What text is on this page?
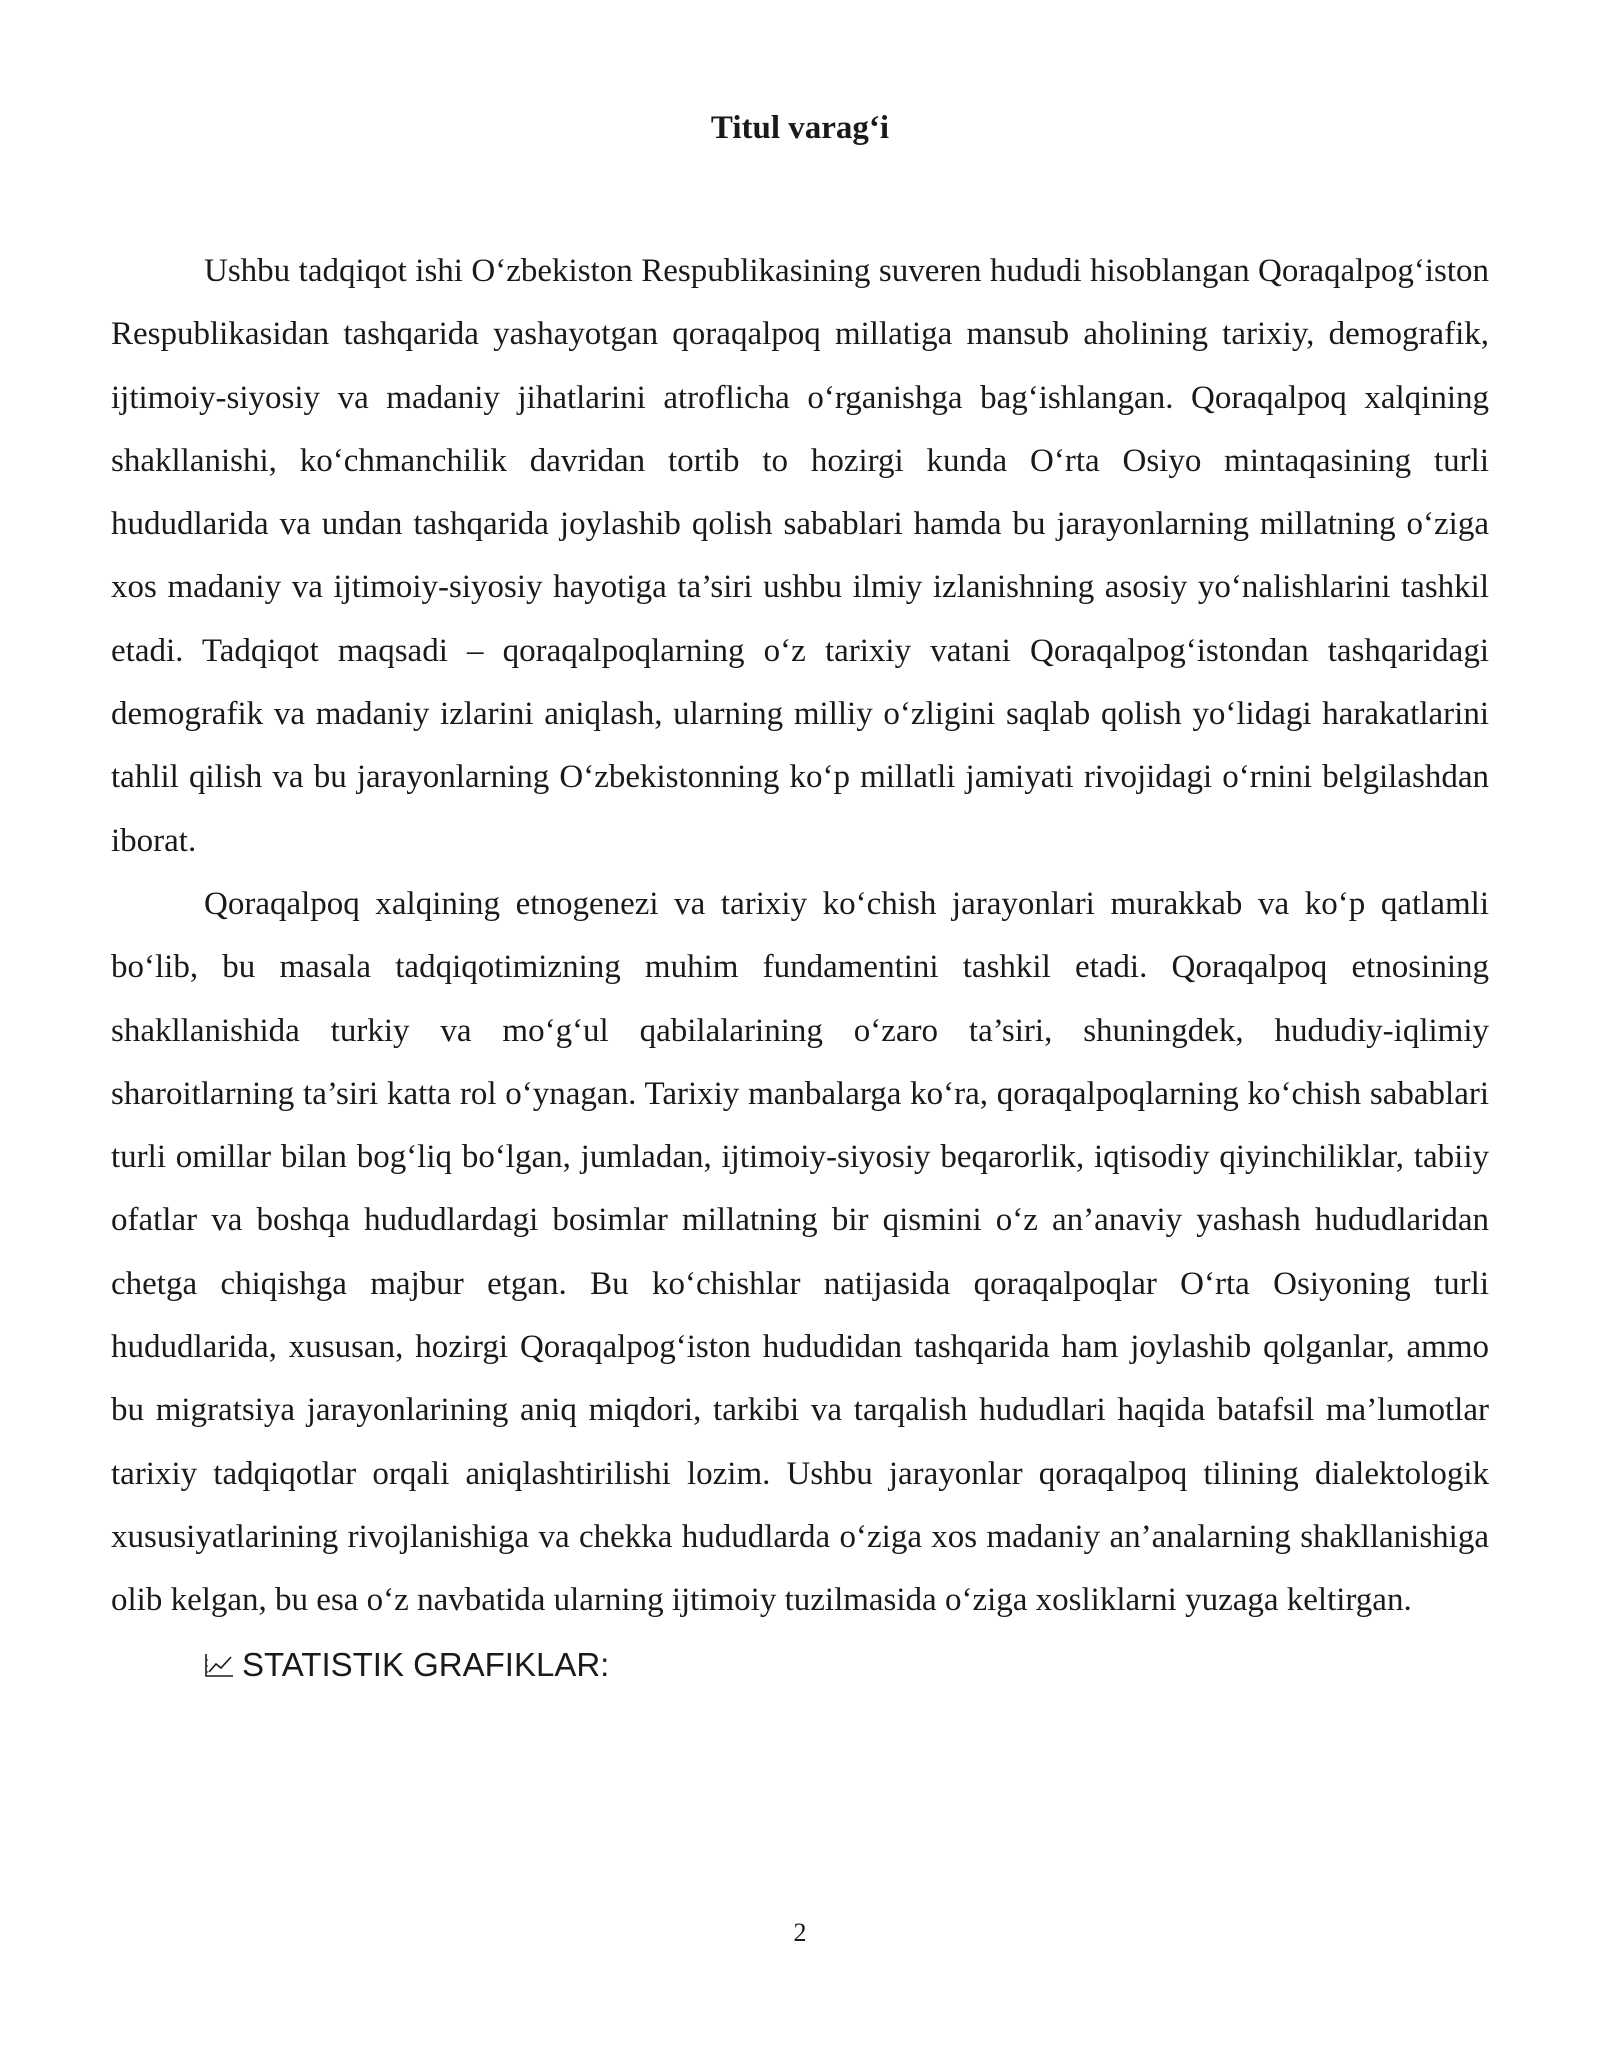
Titul varag‘i

Ushbu tadqiqot ishi O‘zbekiston Respublikasining suveren hududi hisoblangan Qoraqalpog‘iston Respublikasidan tashqarida yashayotgan qoraqalpoq millatiga mansub aholining tarixiy, demografik, ijtimoiy-siyosiy va madaniy jihatlarini atroflicha o‘rganishga bag‘ishlangan. Qoraqalpoq xalqining shakllanishi, ko‘chmanchilik davridan tortib to hozirgi kunda O‘rta Osiyo mintaqasining turli hududlarida va undan tashqarida joylashib qolish sabablari hamda bu jarayonlarning millatning o‘ziga xos madaniy va ijtimoiy-siyosiy hayotiga ta’siri ushbu ilmiy izlanishning asosiy yo‘nalishlarini tashkil etadi. Tadqiqot maqsadi – qoraqalpoqlarning o‘z tarixiy vatani Qoraqalpog‘istondan tashqaridagi demografik va madaniy izlarini aniqlash, ularning milliy o‘zligini saqlab qolish yo‘lidagi harakatlarini tahlil qilish va bu jarayonlarning O‘zbekistonning ko‘p millatli jamiyati rivojidagi o‘rnini belgilashdan iborat.

Qoraqalpoq xalqining etnogenezi va tarixiy ko‘chish jarayonlari murakkab va ko‘p qatlamli bo‘lib, bu masala tadqiqotimizning muhim fundamentini tashkil etadi. Qoraqalpoq etnosining shakllanishida turkiy va mo‘g‘ul qabilalarining o‘zaro ta’siri, shuningdek, hududiy-iqlimiy sharoitlarning ta’siri katta rol o‘ynagan. Tarixiy manbalarga ko‘ra, qoraqalpoqlarning ko‘chish sabablari turli omillar bilan bog‘liq bo‘lgan, jumladan, ijtimoiy-siyosiy beqarorlik, iqtisodiy qiyinchiliklar, tabiiy ofatlar va boshqa hududlardagi bosimlar millatning bir qismini o‘z an’anaviy yashash hududlaridan chetga chiqishga majbur etgan. Bu ko‘chishlar natijasida qoraqalpoqlar O‘rta Osiyoning turli hududlarida, xususan, hozirgi Qoraqalpog‘iston hududidan tashqarida ham joylashib qolganlar, ammo bu migratsiya jarayonlarining aniq miqdori, tarkibi va tarqalish hududlari haqida batafsil ma’lumotlar tarixiy tadqiqotlar orqali aniqlashtirilishi lozim. Ushbu jarayonlar qoraqalpoq tilining dialektologik xususiyatlarining rivojlanishiga va chekka hududlarda o‘ziga xos madaniy an’analarning shakllanishiga olib kelgan, bu esa o‘z navbatida ularning ijtimoiy tuzilmasida o‘ziga xosliklarni yuzaga keltirgan.

STATISTIK GRAFIKLAR:

2
